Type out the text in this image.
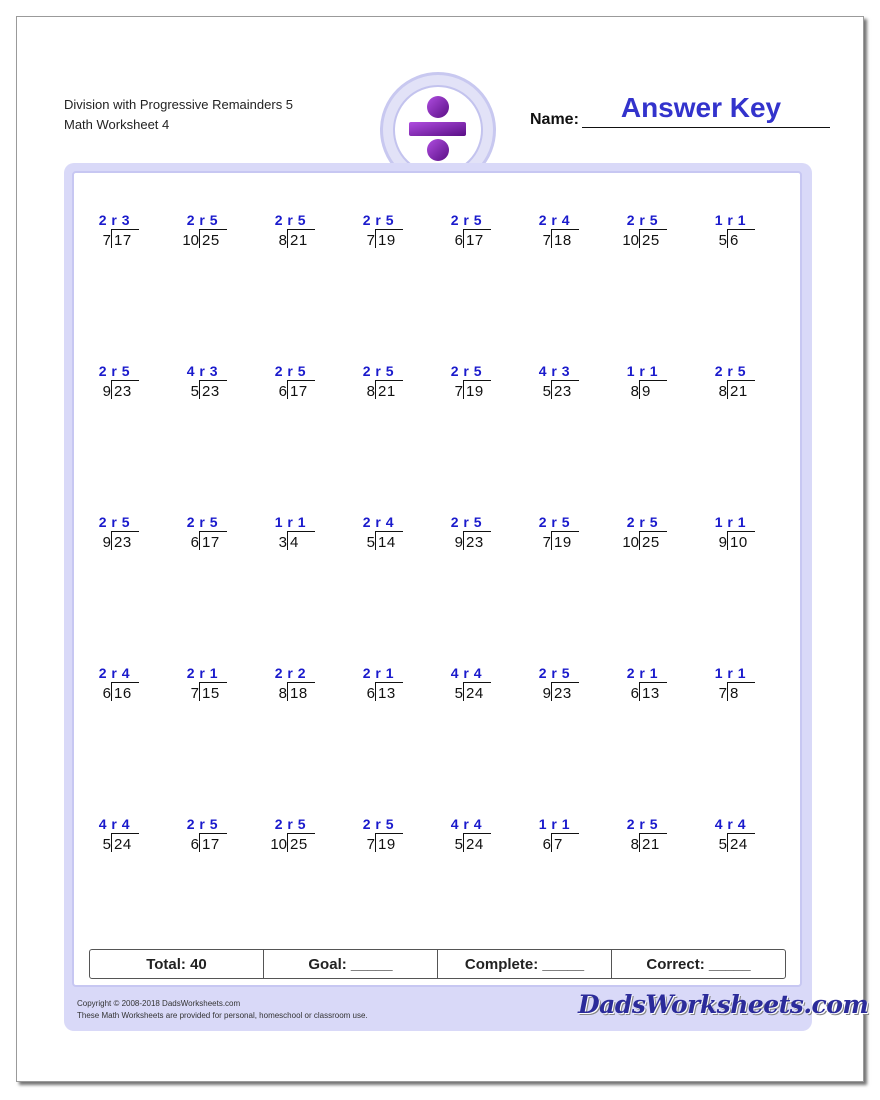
Division with Progressive Remainders 5
Math Worksheet 4
Answer Key
Name:
2 r 3
7 17
2 r 5
10 25
2 r 5
8 21
2 r 5
7 19
2 r 5
6 17
2 r 4
7 18
2 r 5
10 25
1 r 1
5 6
2 r 5
9 23
4 r 3
5 23
2 r 5
6 17
2 r 5
8 21
2 r 5
7 19
4 r 3
5 23
1 r 1
8 9
2 r 5
8 21
2 r 5
9 23
2 r 5
6 17
1 r 1
3 4
2 r 4
5 14
2 r 5
9 23
2 r 5
7 19
2 r 5
10 25
1 r 1
9 10
2 r 4
6 16
2 r 1
7 15
2 r 2
8 18
2 r 1
6 13
4 r 4
5 24
2 r 5
9 23
2 r 1
6 13
1 r 1
7 8
4 r 4
5 24
2 r 5
6 17
2 r 5
10 25
2 r 5
7 19
4 r 4
5 24
1 r 1
6 7
2 r 5
8 21
4 r 4
5 24
Total: 40	Goal: _____	Complete: _____	Correct: _____
Copyright © 2008-2018 DadsWorksheets.com
These Math Worksheets are provided for personal, homeschool or classroom use.	DadsWorksheets.com
